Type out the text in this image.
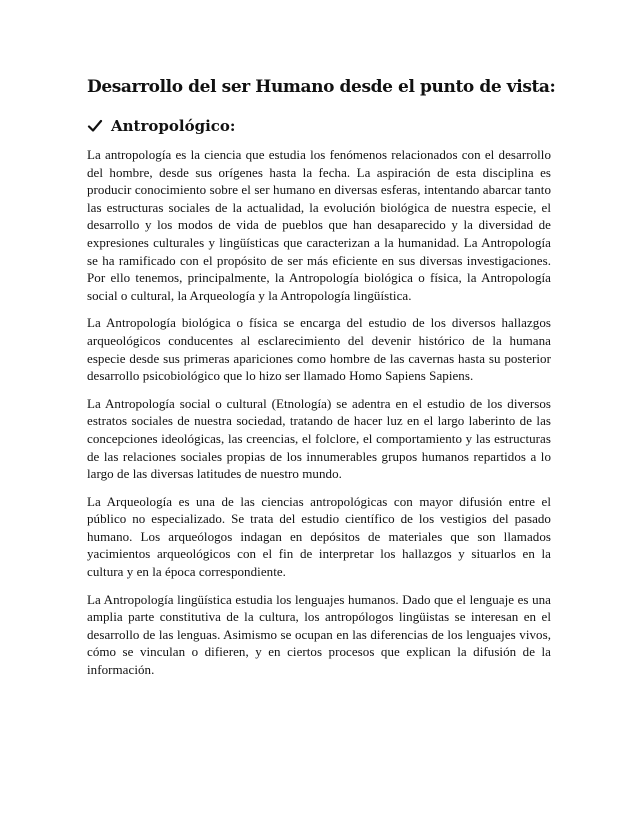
Desarrollo del ser Humano desde el punto de vista:
Antropológico:

La antropología es la ciencia que estudia los fenómenos relacionados con el desarrollo del hombre, desde sus orígenes hasta la fecha. La aspiración de esta disciplina es producir conocimiento sobre el ser humano en diversas esferas, intentando abarcar tanto las estructuras sociales de la actualidad, la evolución biológica de nuestra especie, el desarrollo y los modos de vida de pueblos que han desaparecido y la diversidad de expresiones culturales y lingüísticas que caracterizan a la humanidad. La Antropología se ha ramificado con el propósito de ser más eficiente en sus diversas investigaciones. Por ello tenemos, principalmente, la Antropología biológica o física, la Antropología social o cultural, la Arqueología y la Antropología lingüística.

La Antropología biológica o física se encarga del estudio de los diversos hallazgos arqueológicos conducentes al esclarecimiento del devenir histórico de la humana especie desde sus primeras apariciones como hombre de las cavernas hasta su posterior desarrollo psicobiológico que lo hizo ser llamado Homo Sapiens Sapiens.

La Antropología social o cultural (Etnología) se adentra en el estudio de los diversos estratos sociales de nuestra sociedad, tratando de hacer luz en el largo laberinto de las concepciones ideológicas, las creencias, el folclore, el comportamiento y las estructuras de las relaciones sociales propias de los innumerables grupos humanos repartidos a lo largo de las diversas latitudes de nuestro mundo.

La Arqueología es una de las ciencias antropológicas con mayor difusión entre el público no especializado. Se trata del estudio científico de los vestigios del pasado humano. Los arqueólogos indagan en depósitos de materiales que son llamados yacimientos arqueológicos con el fin de interpretar los hallazgos y situarlos en la cultura y en la época correspondiente.

La Antropología lingüística estudia los lenguajes humanos. Dado que el lenguaje es una amplia parte constitutiva de la cultura, los antropólogos lingüistas se interesan en el desarrollo de las lenguas. Asimismo se ocupan en las diferencias de los lenguajes vivos, cómo se vinculan o difieren, y en ciertos procesos que explican la difusión de la información.
